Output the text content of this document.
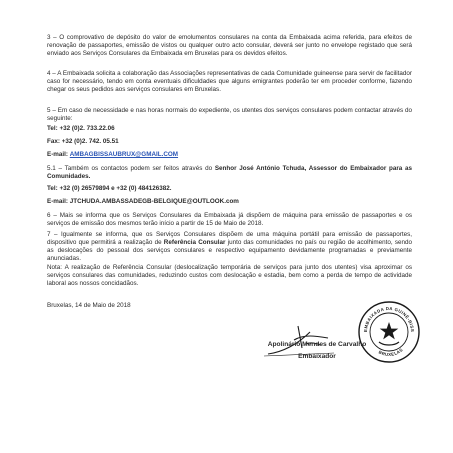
3 – O comprovativo de depósito do valor de emolumentos consulares na conta da Embaixada acima referida, para efeitos de renovação de passaportes, emissão de vistos ou qualquer outro acto consular, deverá ser junto no envelope registado que será enviado aos Serviços Consulares da Embaixada em Bruxelas para os devidos efeitos.

4 – A Embaixada solicita a colaboração das Associações representativas de cada Comunidade guineense para servir de facilitador caso for necessário, tendo em conta eventuais dificuldades que alguns emigrantes poderão ter em proceder conforme, fazendo chegar os seus pedidos aos serviços consulares em Bruxelas.

5 – Em caso de necessidade e nas horas normais do expediente, os utentes dos serviços consulares podem contactar através do seguinte:

Tel: +32 (0)2. 733.22.06

Fax: +32 (0)2. 742. 05.51

E-mail: AMBAGBISSAUBRUX@GMAIL.COM

5.1 – Também os contactos podem ser feitos através do Senhor José António Tchuda, Assessor do Embaixador para as Comunidades.

Tel: +32 (0) 26579894 e +32 (0) 484126382.

E-mail: JTCHUDA.AMBASSADEGB-BELGIQUE@OUTLOOK.com

6 – Mais se informa que os Serviços Consulares da Embaixada já dispõem de máquina para emissão de passaportes e os serviços de emissão dos mesmos terão início a partir de 15 de Maio de 2018.

7 – Igualmente se informa, que os Serviços Consulares dispõem de uma máquina portátil para emissão de passaportes, dispositivo que permitirá a realização de Referência Consular junto das comunidades no país ou região de acolhimento, sendo as deslocações do pessoal dos serviços consulares e respectivo equipamento devidamente programadas e previamente anunciadas.

Nota: A realização de Referência Consular (deslocalização temporária de serviços para junto dos utentes) visa aproximar os serviços consulares das comunidades, reduzindo custos com deslocação e estadia, bem como a perda de tempo de actividade laboral aos nossos concidadãos.

Bruxelas, 14 de Maio de 2018

EMBAIXADA DA GUINÉ-BISS
BRUXELAS
Apolinário Mendes de Carvalho
Embaixador
